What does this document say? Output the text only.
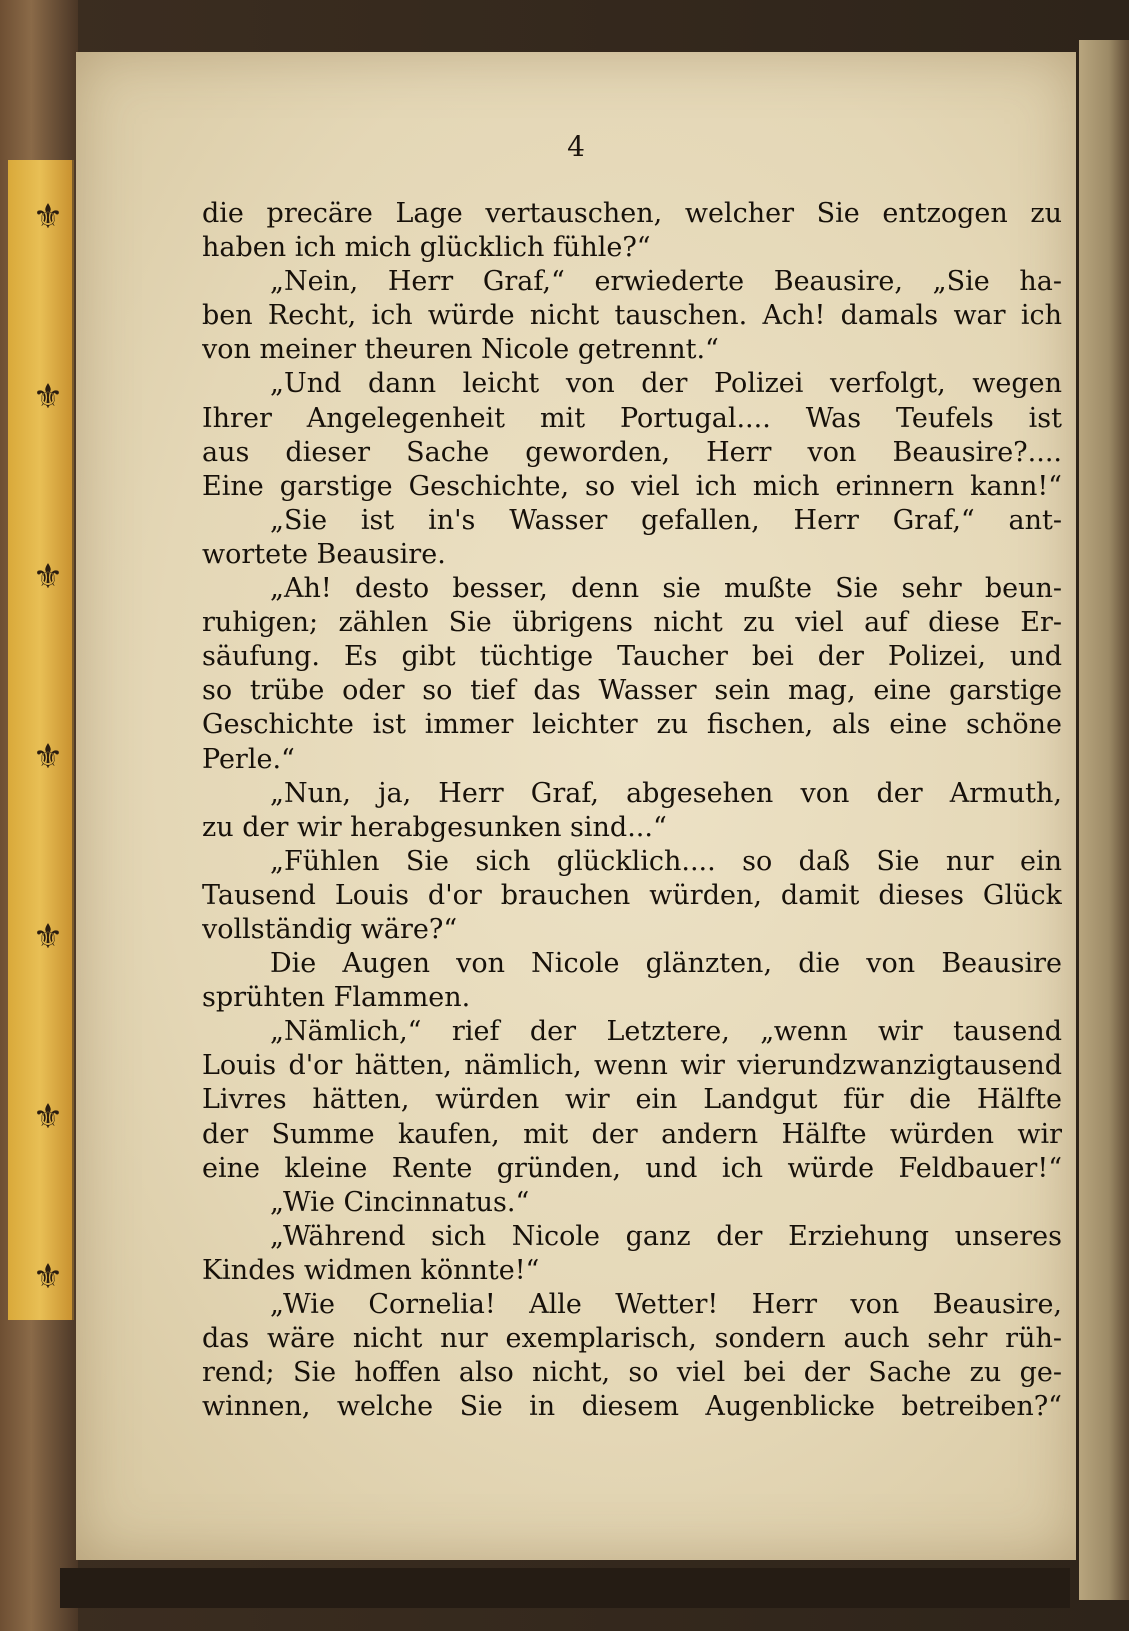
⚜
⚜
⚜
⚜
⚜
⚜
⚜
4
die precäre Lage vertauschen, welcher Sie entzogen zu
haben ich mich glücklich fühle?“
„Nein, Herr Graf,“ erwiederte Beausire, „Sie ha-
ben Recht, ich würde nicht tauschen. Ach! damals war ich
von meiner theuren Nicole getrennt.“
„Und dann leicht von der Polizei verfolgt, wegen
Ihrer Angelegenheit mit Portugal.... Was Teufels ist
aus dieser Sache geworden, Herr von Beausire?....
Eine garstige Geschichte, so viel ich mich erinnern kann!“
„Sie ist in's Wasser gefallen, Herr Graf,“ ant-
wortete Beausire.
„Ah! desto besser, denn sie mußte Sie sehr beun-
ruhigen; zählen Sie übrigens nicht zu viel auf diese Er-
säufung. Es gibt tüchtige Taucher bei der Polizei, und
so trübe oder so tief das Wasser sein mag, eine garstige
Geschichte ist immer leichter zu fischen, als eine schöne
Perle.“
„Nun, ja, Herr Graf, abgesehen von der Armuth,
zu der wir herabgesunken sind...“
„Fühlen Sie sich glücklich.... so daß Sie nur ein
Tausend Louis d'or brauchen würden, damit dieses Glück
vollständig wäre?“
Die Augen von Nicole glänzten, die von Beausire
sprühten Flammen.
„Nämlich,“ rief der Letztere, „wenn wir tausend
Louis d'or hätten, nämlich, wenn wir vierundzwanzigtausend
Livres hätten, würden wir ein Landgut für die Hälfte
der Summe kaufen, mit der andern Hälfte würden wir
eine kleine Rente gründen, und ich würde Feldbauer!“
„Wie Cincinnatus.“
„Während sich Nicole ganz der Erziehung unseres
Kindes widmen könnte!“
„Wie Cornelia! Alle Wetter! Herr von Beausire,
das wäre nicht nur exemplarisch, sondern auch sehr rüh-
rend; Sie hoffen also nicht, so viel bei der Sache zu ge-
winnen, welche Sie in diesem Augenblicke betreiben?“
